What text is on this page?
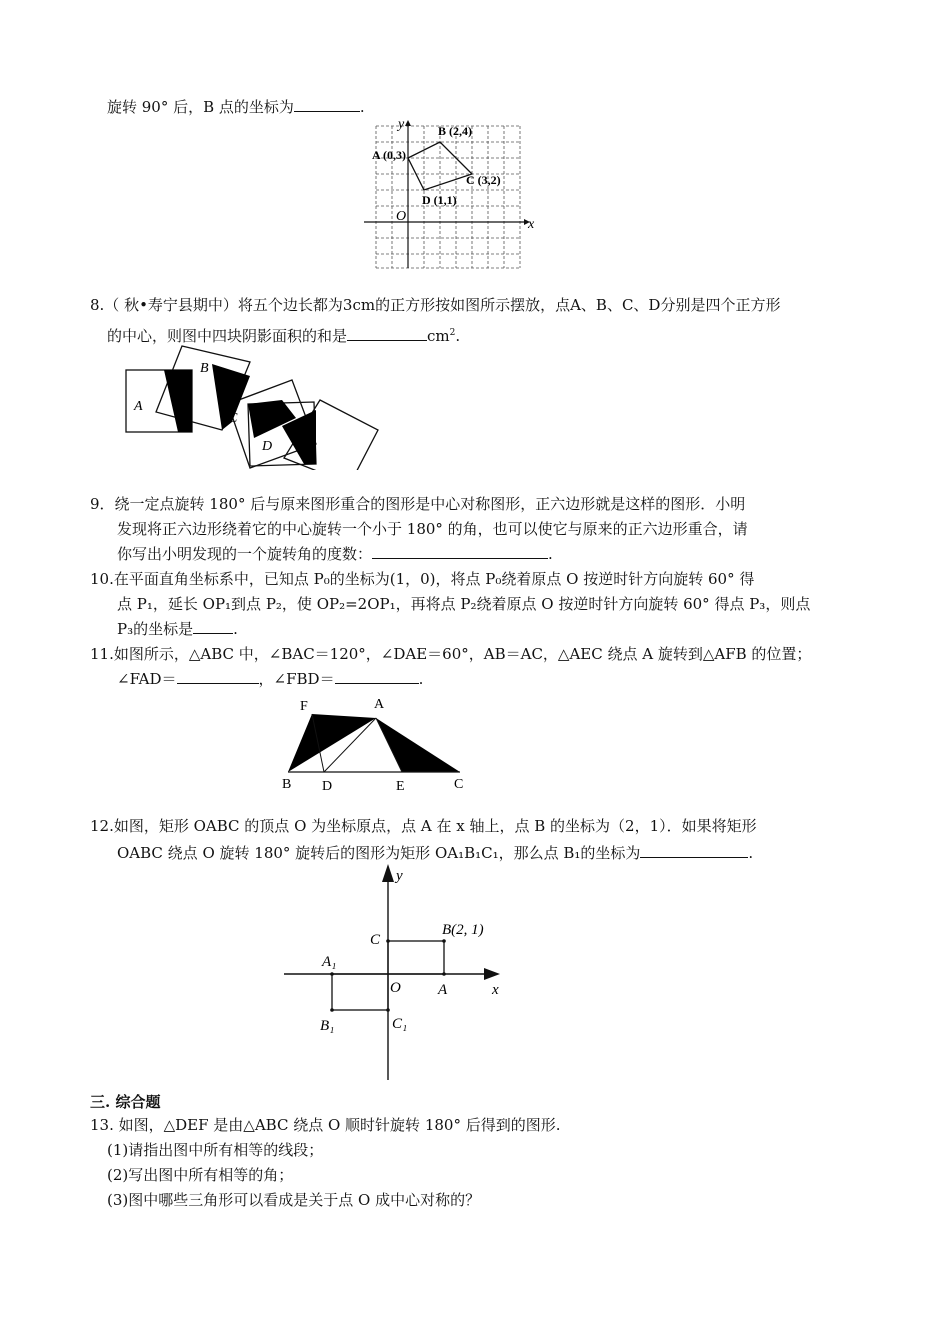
旋转 90° 后，B 点的坐标为	.
y
x
O
A (0,3)
B (2,4)
C (3,2)
D (1,1)
8.（ 秋•寿宁县期中）将五个边长都为3cm的正方形按如图所示摆放，点A、B、C、D分别是四个正方形
的中心，则图中四块阴影面积的和是	$cm^2$.
A
B
C
D
9．绕一定点旋转 180° 后与原来图形重合的图形是中心对称图形，正六边形就是这样的图形．小明
发现将正六边形绕着它的中心旋转一个小于 180° 的角，也可以使它与原来的正六边形重合，请
你写出小明发现的一个旋转角的度数：	.
10.在平面直角坐标系中，已知点 P₀的坐标为(1，0)，将点 P₀绕着原点 O 按逆时针方向旋转 60° 得
点 P₁，延长 OP₁到点 P₂，使 OP₂=2OP₁，再将点 P₂绕着原点 O 按逆时针方向旋转 60° 得点 P₃，则点
P₃的坐标是	.
11.如图所示，△ABC 中，∠BAC＝120°，∠DAE＝60°，AB＝AC，△AEC 绕点 A 旋转到△AFB 的位置；
∠FAD＝	，∠FBD＝	.
F	A
B D	E	C
12.如图，矩形 OABC 的顶点 O 为坐标原点，点 A 在 x 轴上，点 B 的坐标为（2，1）．如果将矩形
OABC 绕点 O 旋转 180° 旋转后的图形为矩形 OA₁B₁C₁，那么点 B₁的坐标为	.
y
x
C
B(2, 1)
A₁
O A
B₁	C₁
三. 综合题
13. 如图，△DEF 是由△ABC 绕点 O 顺时针旋转 180° 后得到的图形.
(1)请指出图中所有相等的线段；
(2)写出图中所有相等的角；
(3)图中哪些三角形可以看成是关于点 O 成中心对称的？
